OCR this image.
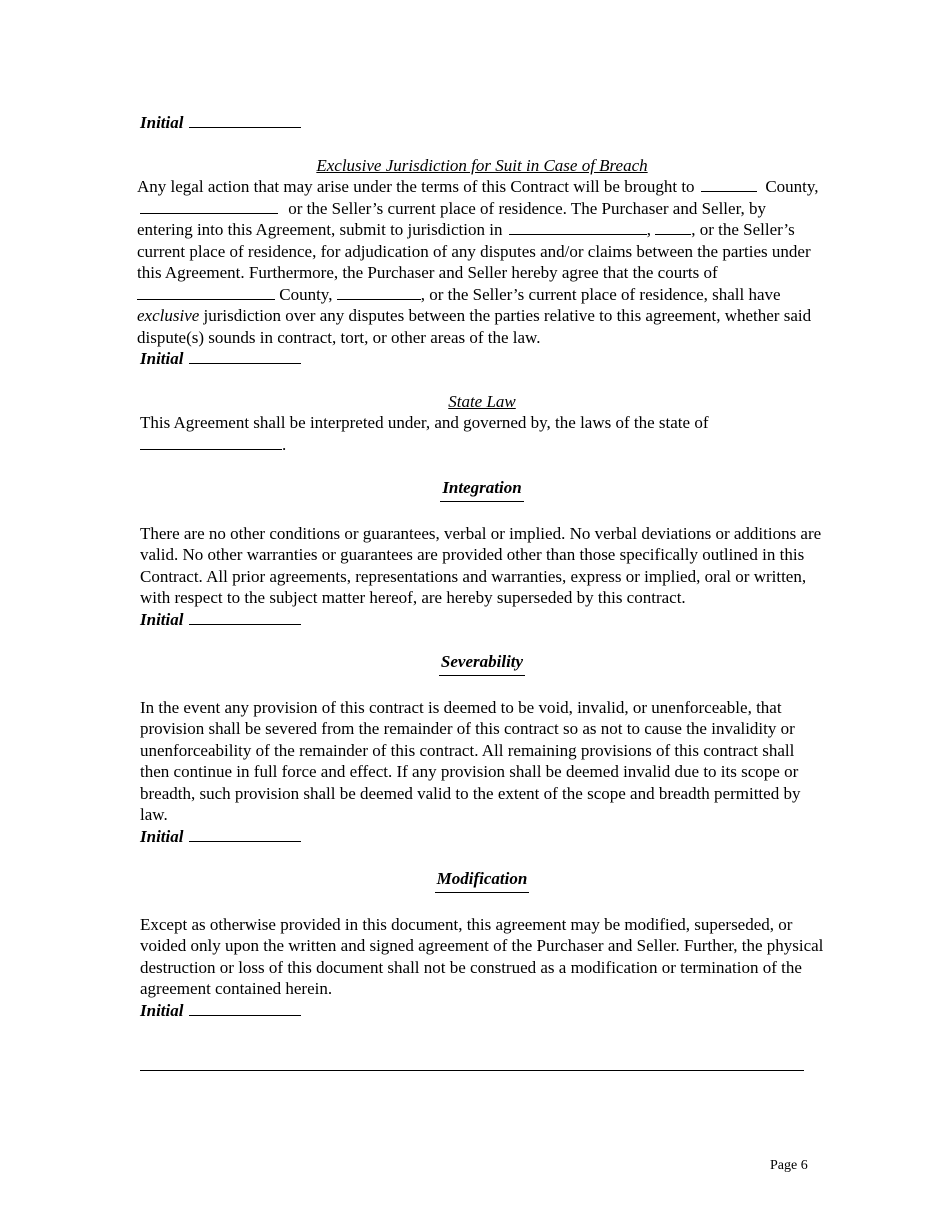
Initial
Exclusive Jurisdiction for Suit in Case of Breach

Any legal action that may arise under the terms of this Contract will be brought to	County,  or the Seller’s current place of residence. The Purchaser and Seller, by entering into this Agreement, submit to jurisdiction in	, , or the Seller’s current place of residence, for adjudication of any disputes and/or claims between the parties under this Agreement. Furthermore, the Purchaser and Seller hereby agree that the courts of  County,	, or the Seller’s current place of residence, shall have exclusive jurisdiction over any disputes between the parties relative to this agreement, whether said dispute(s) sounds in contract, tort, or other areas of the law.

Initial
State Law

This Agreement shall be interpreted under, and governed by, the laws of the state of
.

Integration

There are no other conditions or guarantees, verbal or implied. No verbal deviations or additions are valid. No other warranties or guarantees are provided other than those specifically outlined in this Contract. All prior agreements, representations and warranties, express or implied, oral or written, with respect to the subject matter hereof, are hereby superseded by this contract.

Initial
Severability

In the event any provision of this contract is deemed to be void, invalid, or unenforceable, that provision shall be severed from the remainder of this contract so as not to cause the invalidity or unenforceability of the remainder of this contract. All remaining provisions of this contract shall then continue in full force and effect. If any provision shall be deemed invalid due to its scope or breadth, such provision shall be deemed valid to the extent of the scope and breadth permitted by law.

Initial
Modification

Except as otherwise provided in this document, this agreement may be modified, superseded, or voided only upon the written and signed agreement of the Purchaser and Seller. Further, the physical destruction or loss of this document shall not be construed as a modification or termination of the agreement contained herein.

Initial
Page 6
